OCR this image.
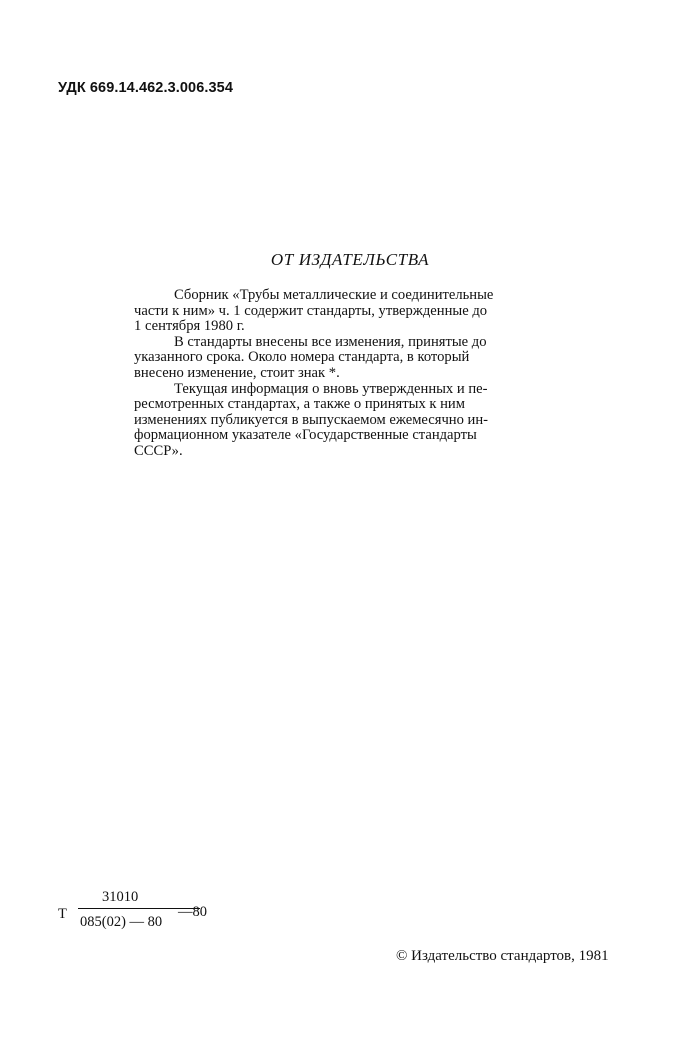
УДК 669.14.462.3.006.354
ОТ ИЗДАТЕЛЬСТВА

Сборник «Трубы металлические и соединительные
части к ним» ч. 1 содержит стандарты, утвержденные до
1 сентября 1980 г.

В стандарты внесены все изменения, принятые до
указанного срока. Около номера стандарта, в который
внесено изменение, стоит знак *.

Текущая информация о вновь утвержденных и пе-
ресмотренных стандартах, а также о принятых к ним
изменениях публикуется в выпускаемом ежемесячно ин-
формационном указателе «Государственные стандарты
СССР».

Т
31010
085(02) — 80
—80
© Издательство стандартов, 1981
